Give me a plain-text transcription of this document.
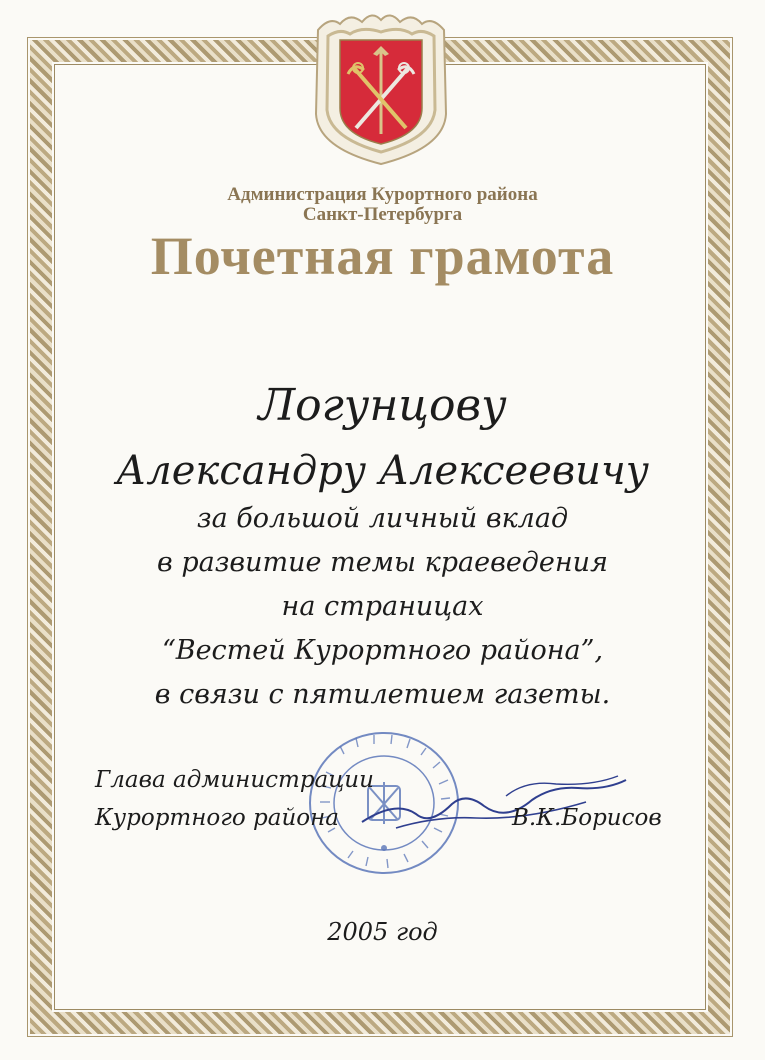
Администрация Курортного района
Санкт-Петербурга
Почетная грамота
Логунцову
Александру Алексеевичу
за большой личный вклад
в развитие темы краеведения
на страницах
“Вестей Курортного района”,
в связи с пятилетием газеты.
Глава администрации
Курортного района	В.К.Борисов
2005 год
